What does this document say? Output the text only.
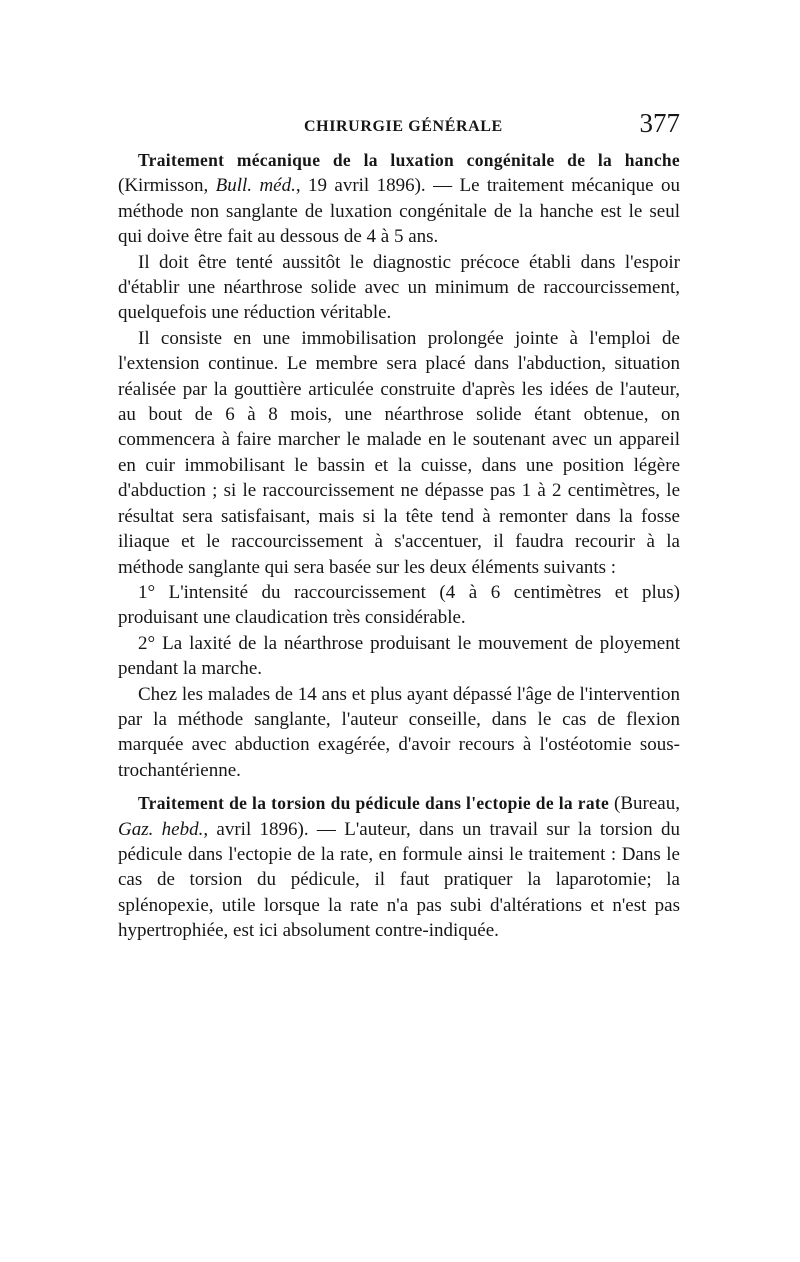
CHIRURGIE GÉNÉRALE	377

Traitement mécanique de la luxation congénitale de la hanche (Kirmisson, Bull. méd., 19 avril 1896). — Le traitement mécanique ou méthode non sanglante de luxation congénitale de la hanche est le seul qui doive être fait au dessous de 4 à 5 ans.

Il doit être tenté aussitôt le diagnostic précoce établi dans l'espoir d'établir une néarthrose solide avec un minimum de raccourcissement, quelquefois une réduction véritable.

Il consiste en une immobilisation prolongée jointe à l'emploi de l'extension continue. Le membre sera placé dans l'abduction, situation réalisée par la gouttière articulée construite d'après les idées de l'auteur, au bout de 6 à 8 mois, une néarthrose solide étant obtenue, on commencera à faire marcher le malade en le soutenant avec un appareil en cuir immobilisant le bassin et la cuisse, dans une position légère d'abduction ; si le raccourcissement ne dépasse pas 1 à 2 centimètres, le résultat sera satisfaisant, mais si la tête tend à remonter dans la fosse iliaque et le raccourcissement à s'accentuer, il faudra recourir à la méthode sanglante qui sera basée sur les deux éléments suivants :

1° L'intensité du raccourcissement (4 à 6 centimètres et plus) produisant une claudication très considérable.

2° La laxité de la néarthrose produisant le mouvement de ployement pendant la marche.

Chez les malades de 14 ans et plus ayant dépassé l'âge de l'intervention par la méthode sanglante, l'auteur conseille, dans le cas de flexion marquée avec abduction exagérée, d'avoir recours à l'ostéotomie sous-trochantérienne.

Traitement de la torsion du pédicule dans l'ectopie de la rate (Bureau, Gaz. hebd., avril 1896). — L'auteur, dans un travail sur la torsion du pédicule dans l'ectopie de la rate, en formule ainsi le traitement : Dans le cas de torsion du pédicule, il faut pratiquer la laparotomie; la splénopexie, utile lorsque la rate n'a pas subi d'altérations et n'est pas hypertrophiée, est ici absolument contre-indiquée.
